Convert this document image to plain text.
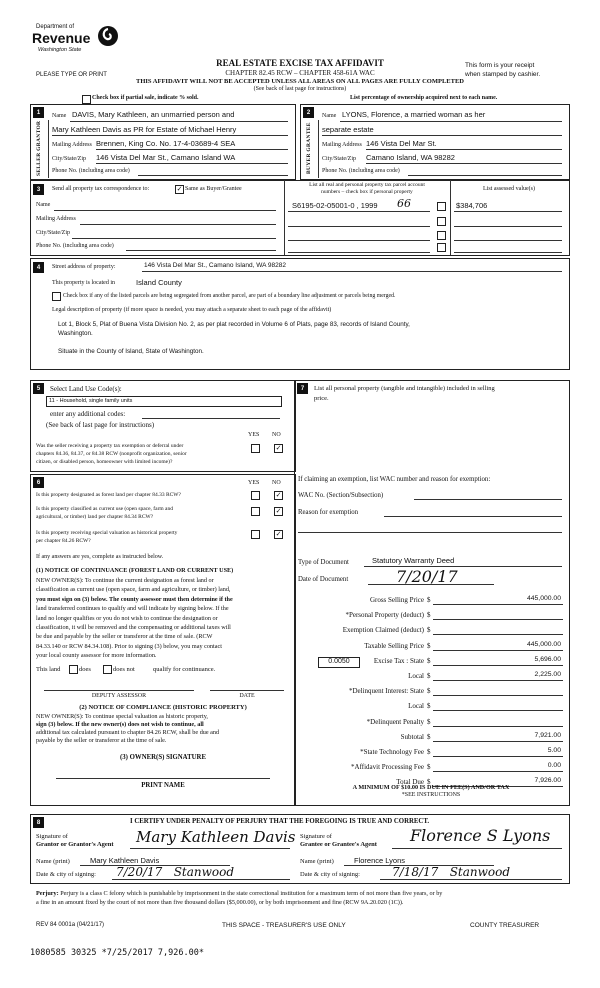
Department of
Revenue
Washington State
PLEASE TYPE OR PRINT
REAL ESTATE EXCISE TAX AFFIDAVIT
CHAPTER 82.45 RCW – CHAPTER 458-61A WAC
THIS AFFIDAVIT WILL NOT BE ACCEPTED UNLESS ALL AREAS ON ALL PAGES ARE FULLY COMPLETED
(See back of last page for instructions)
This form is your receipt
when stamped by cashier.
Check box if partial sale, indicate % sold.	List percentage of ownership acquired next to each name.
1
SELLER GRANTOR
2
BUYER GRANTEE
Name DAVIS, Mary Kathleen, an unmarried person and
Mary Kathleen Davis as PR for Estate of Michael Henry
Mailing Address Brennen, King Co. No. 17-4-03689-4 SEA
City/State/Zip 146 Vista Del Mar St., Camano Island WA
Phone No. (including area code)
Name LYONS, Florence, a married woman as her
separate estate
Mailing Address 146 Vista Del Mar St.
City/State/Zip Camano Island, WA 98282
Phone No. (including area code)
3	Send all property tax correspondence to:	✓ Same as Buyer/Grantee
Name
Mailing Address
City/State/Zip
Phone No. (including area code)
List all real and personal property tax parcel account
numbers – check box if personal property	List assessed value(s)
S6195-02-05001-0 , 1999 66	$384,706
4	Street address of property:	146 Vista Del Mar St., Camano Island, WA 98282
This property is located in	Island County
Check box if any of the listed parcels are being segregated from another parcel, are part of a boundary line adjustment or parcels being merged.
Legal description of property (if more space is needed, you may attach a separate sheet to each page of the affidavit)
Lot 1, Block 5, Plat of Buena Vista Division No. 2, as per plat recorded in Volume 6 of Plats, page 83, records of Island County,
Washington.
Situate in the County of Island, State of Washington.
5	Select Land Use Code(s):
11 - Household, single family units
enter any additional codes:
(See back of last page for instructions)
YES NO
Was the seller receiving a property tax exemption or deferral under
chapters 84.36, 84.37, or 84.38 RCW (nonprofit organization, senior
citizen, or disabled person, homeowner with limited income)?
✓
6	YES NO
Is this property designated as forest land per chapter 84.33 RCW?	✓
Is this property classified as current use (open space, farm and
agricultural, or timber) land per chapter 84.34 RCW?
✓
Is this property receiving special valuation as historical property
per chapter 84.26 RCW?
✓
If any answers are yes, complete as instructed below.
(1) NOTICE OF CONTINUANCE (FOREST LAND OR CURRENT USE)
NEW OWNER(S): To continue the current designation as forest land or
classification as current use (open space, farm and agriculture, or timber) land,
you must sign on (3) below. The county assessor must then determine if the
land transferred continues to qualify and will indicate by signing below. If the
land no longer qualifies or you do not wish to continue the designation or
classification, it will be removed and the compensating or additional taxes will
be due and payable by the seller or transferor at the time of sale. (RCW
84.33.140 or RCW 84.34.108). Prior to signing (3) below, you may contact
your local county assessor for more information.
This land	does	does not	qualify for continuance.
DEPUTY ASSESSOR	DATE
(2) NOTICE OF COMPLIANCE (HISTORIC PROPERTY)
NEW OWNER(S): To continue special valuation as historic property,
sign (3) below. If the new owner(s) does not wish to continue, all
additional tax calculated pursuant to chapter 84.26 RCW, shall be due and
payable by the seller or transferor at the time of sale.
(3) OWNER(S) SIGNATURE
PRINT NAME
7	List all personal property (tangible and intangible) included in selling
price.
If claiming an exemption, list WAC number and reason for exemption:
WAC No. (Section/Subsection)
Reason for exemption
Type of Document	Statutory Warranty Deed
Date of Document	7/20/17
Gross Selling Price $	445,000.00
*Personal Property (deduct) $
Exemption Claimed (deduct) $
Taxable Selling Price $	445,000.00
Excise Tax : State $	5,696.00
Local $	2,225.00
*Delinquent Interest: State $
Local $
*Delinquent Penalty $
Subtotal $	7,921.00
*State Technology Fee $	5.00
*Affidavit Processing Fee $	0.00
Total Due $	7,926.00
0.0050
A MINIMUM OF $10.00 IS DUE IN FEE(S) AND/OR TAX
*SEE INSTRUCTIONS
8	I CERTIFY UNDER PENALTY OF PERJURY THAT THE FOREGOING IS TRUE AND CORRECT.
Signature of
Grantor or Grantor's Agent Mary Kathleen Davis
Name (print)	Mary Kathleen Davis
Date & city of signing: 7/20/17   Stanwood
Signature of
Grantee or Grantee's Agent Florence S Lyons
Name (print)	Florence Lyons
Date & city of signing:	7/18/17   Stanwood
Perjury: Perjury is a class C felony which is punishable by imprisonment in the state correctional institution for a maximum term of not more than five years, or by
a fine in an amount fixed by the court of not more than five thousand dollars ($5,000.00), or by both imprisonment and fine (RCW 9A.20.020 (1C)).
REV 84 0001a (04/21/17)	THIS SPACE - TREASURER'S USE ONLY	COUNTY TREASURER
1080585 30325 *7/25/2017 7,926.00*
